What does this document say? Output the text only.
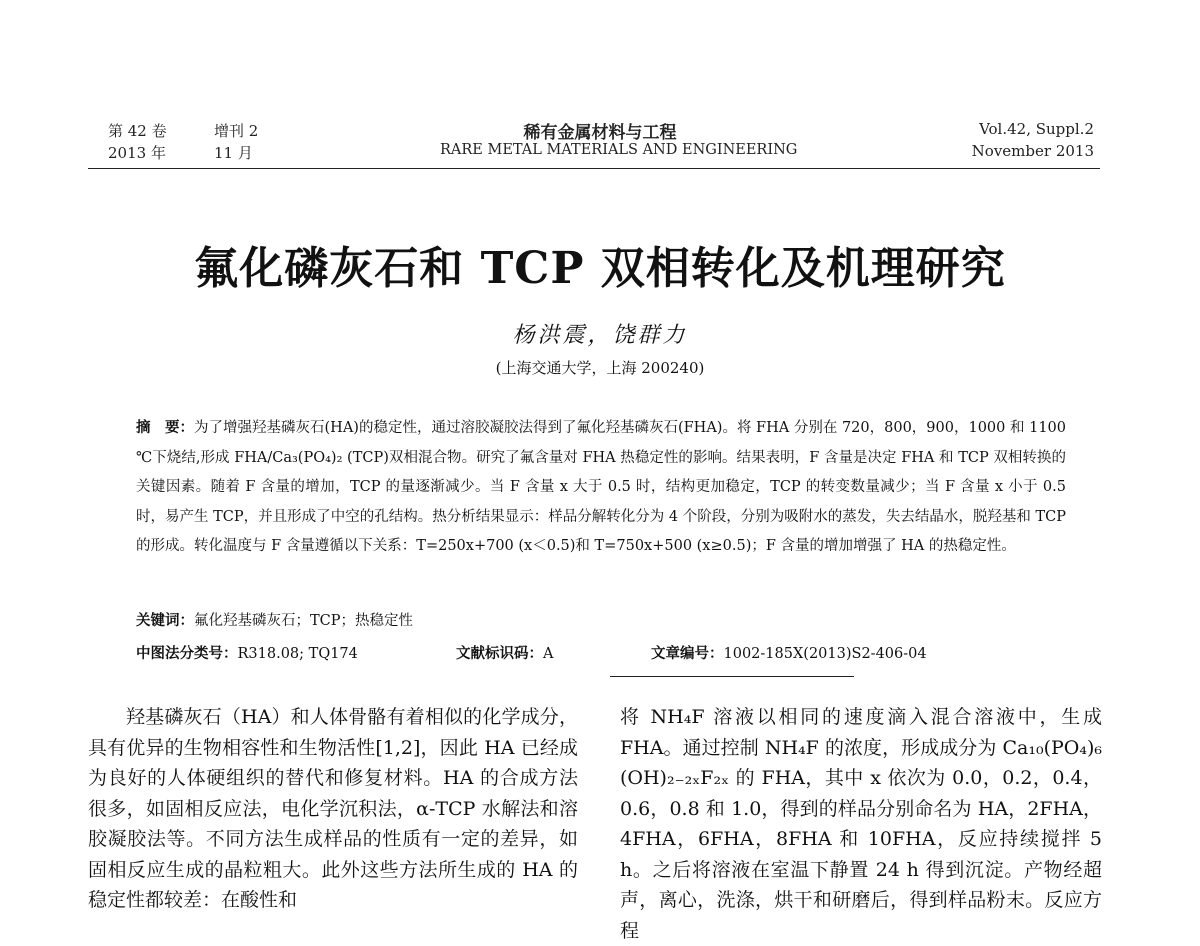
第 42 卷
2013 年
增刊 2
11 月
稀有金属材料与工程
RARE METAL MATERIALS AND ENGINEERING
Vol.42, Suppl.2
November 2013
氟化磷灰石和 TCP 双相转化及机理研究
杨洪震，饶群力
(上海交通大学，上海 200240)
摘　要：为了增强羟基磷灰石(HA)的稳定性，通过溶胶凝胶法得到了氟化羟基磷灰石(FHA)。将 FHA 分别在 720，800，900，1000 和 1100 ℃下烧结,形成 FHA/Ca₃(PO₄)₂ (TCP)双相混合物。研究了氟含量对 FHA 热稳定性的影响。结果表明，F 含量是决定 FHA 和 TCP 双相转换的关键因素。随着 F 含量的增加，TCP 的量逐渐减少。当 F 含量 x 大于 0.5 时，结构更加稳定，TCP 的转变数量减少；当 F 含量 x 小于 0.5 时，易产生 TCP，并且形成了中空的孔结构。热分析结果显示：样品分解转化分为 4 个阶段，分别为吸附水的蒸发，失去结晶水，脱羟基和 TCP 的形成。转化温度与 F 含量遵循以下关系：T=250x+700 (x＜0.5)和 T=750x+500 (x≥0.5)；F 含量的增加增强了 HA 的热稳定性。
关键词：氟化羟基磷灰石；TCP；热稳定性
中图法分类号：R318.08; TQ174	文献标识码：A	文章编号：1002-185X(2013)S2-406-04

羟基磷灰石（HA）和人体骨骼有着相似的化学成分，具有优异的生物相容性和生物活性[1,2]，因此 HA 已经成为良好的人体硬组织的替代和修复材料。HA 的合成方法很多，如固相反应法，电化学沉积法，α-TCP 水解法和溶胶凝胶法等。不同方法生成样品的性质有一定的差异，如固相反应生成的晶粒粗大。此外这些方法所生成的 HA 的稳定性都较差：在酸性和

将 NH₄F 溶液以相同的速度滴入混合溶液中，生成 FHA。通过控制 NH₄F 的浓度，形成成分为 Ca₁₀(PO₄)₆ (OH)₂₋₂ₓF₂ₓ 的 FHA，其中 x 依次为 0.0，0.2，0.4，0.6，0.8 和 1.0，得到的样品分别命名为 HA，2FHA，4FHA，6FHA，8FHA 和 10FHA，反应持续搅拌 5 h。之后将溶液在室温下静置 24 h 得到沉淀。产物经超声，离心，洗涤，烘干和研磨后，得到样品粉末。反应方程
